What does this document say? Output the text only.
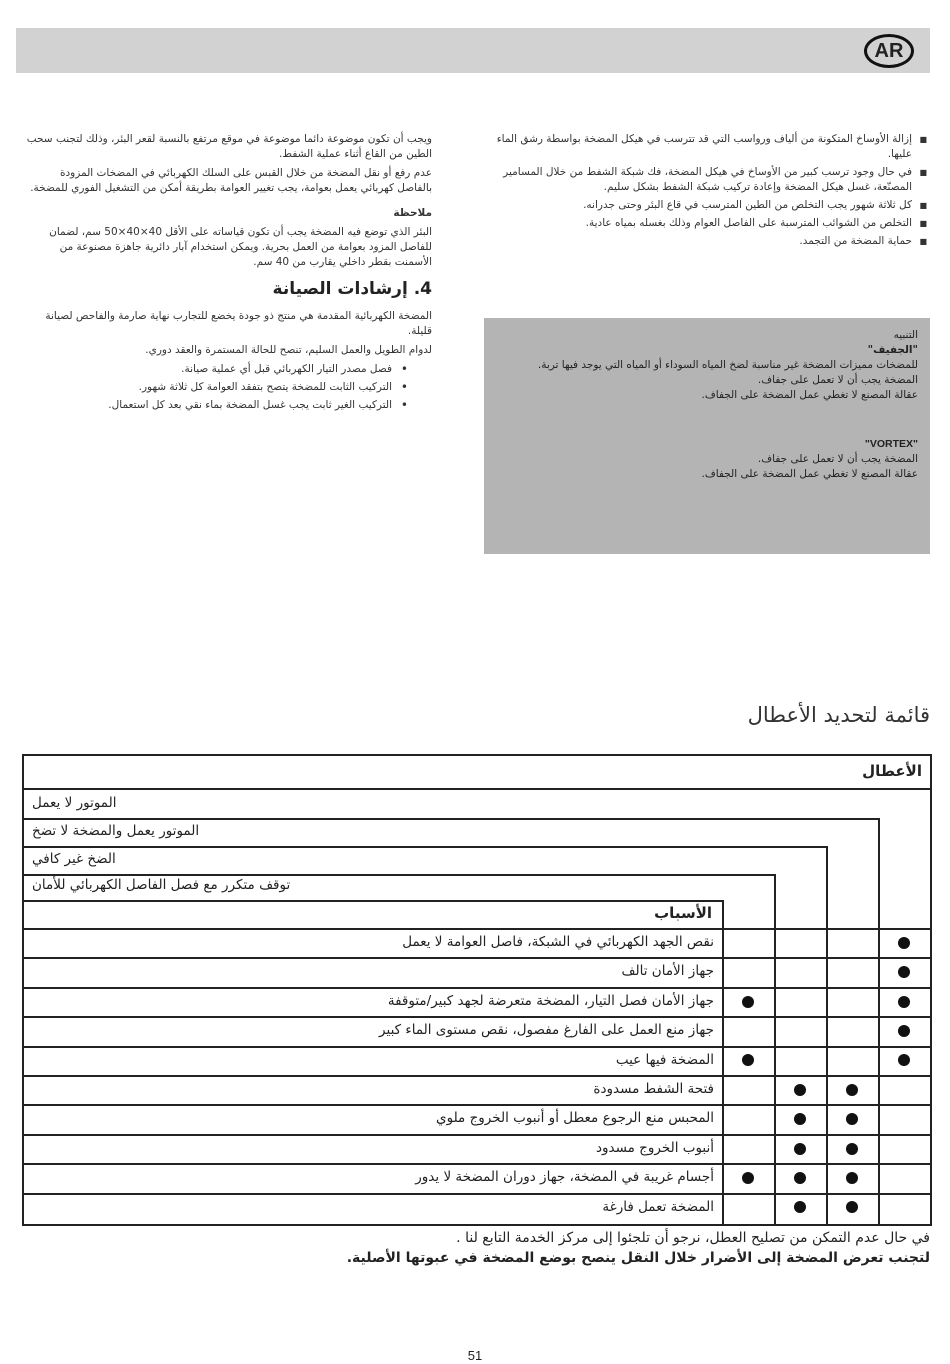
AR
■ إزالة الأوساخ المتكونة من ألياف ورواسب التي قد تترسب في هيكل المضخة بواسطة رشق الماء عليها.
■ في حال وجود ترسب كبير من الأوساخ في هيكل المضخة، فك شبكة الشفط من خلال المسامير المصنّعة، غسل هيكل المضخة وإعادة تركيب شبكة الشفط بشكل سليم.
■ كل ثلاثة شهور يجب التخلص من الطين المترسب في قاع البئر وحتى جدرانه.
■ التخلص من الشوائب المترسبة على الفاصل العوام وذلك بغسله بمياه عادية.
■ حماية المضخة من التجمد.

ويجب أن تكون موضوعة دائما موضوعة في موقع مرتفع بالنسبة لقعر البئر، وذلك لتجنب سحب الطين من القاع أثناء عملية الشفط.

عدم رفع أو نقل المضخة من خلال القبس على السلك الكهربائي في المضخات المزودة بالفاصل كهربائي يعمل بعوامة، يجب تغيير العوامة بطريقة أمكن من التشغيل الفوري للمضخة.

ملاحظة

البئر الذي توضع فيه المضخة يجب أن تكون قياساته على الأقل 40×40×50 سم، لضمان للفاصل المزود بعوامة من العمل بحرية. ويمكن استخدام آبار دائرية جاهزة مصنوعة من الأسمنت بقطر داخلي يقارب من 40 سم.

4. إرشادات الصيانة

المضخة الكهربائية المقدمة هي منتج ذو جودة يخضع للتجارب نهاية صارمة والفاحص لصيانة قليلة.

لدوام الطويل والعمل السليم، تنصح للحالة المستمرة والعقد دوري.

• فصل مصدر التيار الكهربائي قبل أي عملية صيانة.
• التركيب الثابت للمضخة يتصح بتفقد العوامة كل ثلاثة شهور.
• التركيب الغير ثابت يجب غسل المضخة بماء نقي بعد كل استعمال.

التنبيه

"الجفيف"

للمضخات مميزات المضخة غير مناسبة لضخ المياه السوداء أو المياه التي يوجد فيها تربة.

المضخة يجب أن لا تعمل على جفاف.

عقالة المصنع لا تغطي عمل المضخة على الجفاف.

"VORTEX"

المضخة يجب أن لا تعمل على جفاف.

عقالة المصنع لا تغطي عمل المضخة على الجفاف.

قائمة لتحديد الأعطال
الأعطال
الموتور لا يعمل
الموتور يعمل والمضخة لا تضخ
الضخ غير كافي
توقف متكرر مع فصل الفاصل الكهربائي للأمان
الأسباب
نقص الجهد الكهربائي في الشبكة، فاصل العوامة لا يعمل
جهاز الأمان تالف
جهاز الأمان فصل التيار، المضخة متعرضة لجهد كبير/متوقفة
جهاز منع العمل على الفارغ مفصول، نقص مستوى الماء كبير
المضخة فيها عيب
فتحة الشفط مسدودة
المحبس منع الرجوع معطل أو أنبوب الخروج ملوي
أنبوب الخروج مسدود
أجسام غريبة في المضخة، جهاز دوران المضخة لا يدور
المضخة تعمل فارغة
في حال عدم التمكن من تصليح العطل، نرجو أن تلجئوا إلى مركز الخدمة التابع لنا .
لتجنب تعرض المضخة إلى الأضرار خلال النقل ينصح بوضع المضخة في عبوتها الأصلية.
51
